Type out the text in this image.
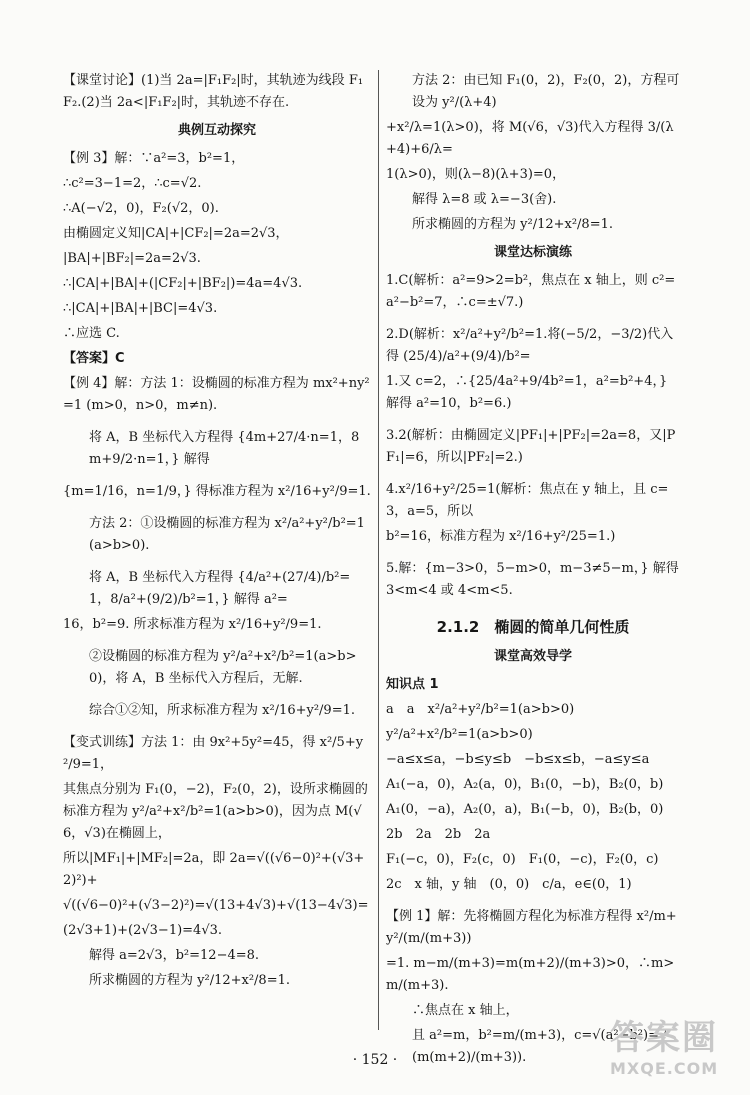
【课堂讨论】(1)当 2a=|F₁F₂|时，其轨迹为线段 F₁F₂.(2)当 2a<|F₁F₂|时，其轨迹不存在.

典例互动探究

【例 3】解：∵a²=3，b²=1，

∴c²=3−1=2，∴c=√2.

∴A(−√2，0)，F₂(√2，0).

由椭圆定义知|CA|+|CF₂|=2a=2√3，

|BA|+|BF₂|=2a=2√3.

∴|CA|+|BA|+(|CF₂|+|BF₂|)=4a=4√3.

∴|CA|+|BA|+|BC|=4√3.

∴应选 C.

【答案】C

【例 4】解：方法 1：设椭圆的标准方程为 mx²+ny²=1 (m>0，n>0，m≠n).

将 A，B 坐标代入方程得 {4m+27/4·n=1，8m+9/2·n=1，} 解得

{m=1/16，n=1/9，} 得标准方程为 x²/16+y²/9=1.

方法 2：①设椭圆的标准方程为 x²/a²+y²/b²=1(a>b>0).

将 A，B 坐标代入方程得 {4/a²+(27/4)/b²=1，8/a²+(9/2)/b²=1，} 解得 a²=

16，b²=9. 所求标准方程为 x²/16+y²/9=1.

②设椭圆的标准方程为 y²/a²+x²/b²=1(a>b>0)，将 A，B 坐标代入方程后，无解.

综合①②知，所求标准方程为 x²/16+y²/9=1.

【变式训练】方法 1：由 9x²+5y²=45，得 x²/5+y²/9=1，

其焦点分别为 F₁(0，−2)，F₂(0，2)，设所求椭圆的标准方程为 y²/a²+x²/b²=1(a>b>0)，因为点 M(√6，√3)在椭圆上，

所以|MF₁|+|MF₂|=2a，即 2a=√((√6−0)²+(√3+2)²)+

√((√6−0)²+(√3−2)²)=√(13+4√3)+√(13−4√3)=

(2√3+1)+(2√3−1)=4√3.

解得 a=2√3，b²=12−4=8.

所求椭圆的方程为 y²/12+x²/8=1.

方法 2：由已知 F₁(0，2)，F₂(0，2)，方程可设为 y²/(λ+4)

+x²/λ=1(λ>0)，将 M(√6，√3)代入方程得 3/(λ+4)+6/λ=

1(λ>0)，则(λ−8)(λ+3)=0，

解得 λ=8 或 λ=−3(舍).

所求椭圆的方程为 y²/12+x²/8=1.

课堂达标演练

1.C(解析：a²=9>2=b²，焦点在 x 轴上，则 c²=a²−b²=7，∴c=±√7.)

2.D(解析：x²/a²+y²/b²=1.将(−5/2，−3/2)代入得 (25/4)/a²+(9/4)/b²=

1.又 c=2，∴{25/4a²+9/4b²=1，a²=b²+4，} 解得 a²=10，b²=6.)

3.2(解析：由椭圆定义|PF₁|+|PF₂|=2a=8，又|PF₁|=6，所以|PF₂|=2.)

4.x²/16+y²/25=1(解析：焦点在 y 轴上，且 c=3，a=5，所以

b²=16，标准方程为 x²/16+y²/25=1.)

5.解：{m−3>0，5−m>0，m−3≠5−m，} 解得 3<m<4 或 4<m<5.

2.1.2　椭圆的简单几何性质
课堂高效导学

知识点 1

a　a　x²/a²+y²/b²=1(a>b>0)

y²/a²+x²/b²=1(a>b>0)

−a≤x≤a，−b≤y≤b　−b≤x≤b，−a≤y≤a

A₁(−a，0)，A₂(a，0)，B₁(0，−b)，B₂(0，b)

A₁(0，−a)，A₂(0，a)，B₁(−b，0)，B₂(b，0)

2b　2a　2b　2a

F₁(−c，0)，F₂(c，0)　F₁(0，−c)，F₂(0，c)

2c　x 轴，y 轴　(0，0)　c/a，e∈(0，1)

【例 1】解：先将椭圆方程化为标准方程得 x²/m+y²/(m/(m+3))

=1. m−m/(m+3)=m(m+2)/(m+3)>0，∴m>m/(m+3).

∴焦点在 x 轴上，

且 a²=m，b²=m/(m+3)，c=√(a²−b²)=√(m(m+2)/(m+3)).

· 152 ·
答案圈
MXQE.COM
